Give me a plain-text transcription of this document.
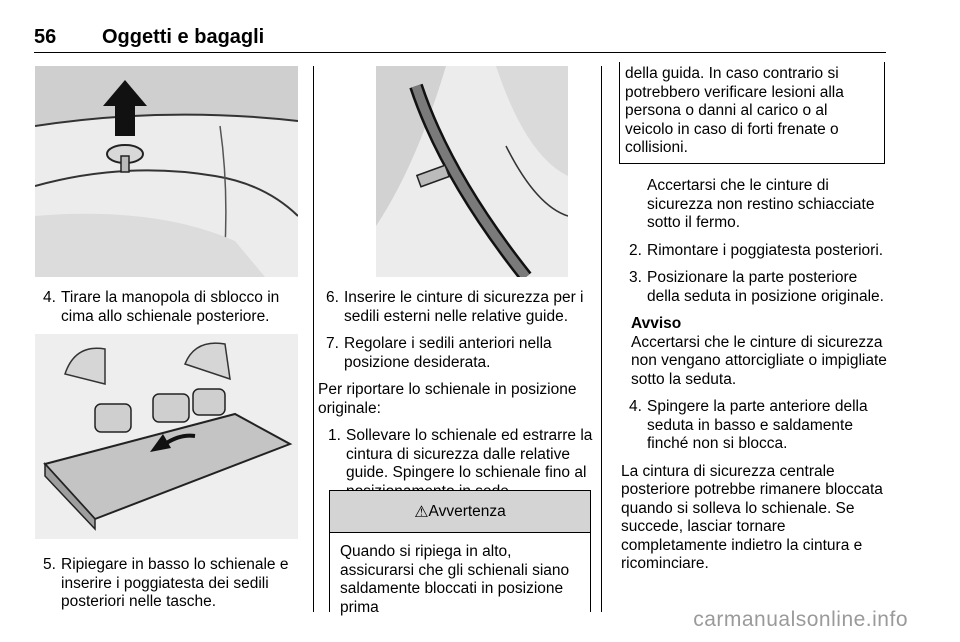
56 Oggetti e bagagli
4. Tirare la manopola di sblocco in cima allo schienale posteriore.
5. Ripiegare in basso lo schienale e inserire i poggiatesta dei sedili posteriori nelle tasche.
6. Inserire le cinture di sicurezza per i sedili esterni nelle relative guide.
7. Regolare i sedili anteriori nella posizione desiderata.

Per riportare lo schienale in posizione originale:

1. Sollevare lo schienale ed estrarre la cintura di sicurezza dalle relative guide. Spingere lo schienale fino al
⚠ Avvertenza
Quando si ripiega in alto, assicurarsi che gli schienali siano saldamente bloccati in posizione prima
della guida. In caso contrario si potrebbero verificare lesioni alla persona o danni al carico o al veicolo in caso di forti frenate o collisioni.

Accertarsi che le cinture di sicurezza non restino schiacciate sotto il fermo.

2. Rimontare i poggiatesta posteriori.
3. Posizionare la parte posteriore della seduta in posizione originale.
Avviso
Accertarsi che le cinture di sicurezza non vengano attorcigliate o impigliate sotto la seduta.
4. Spingere la parte anteriore della seduta in basso e saldamente finché non si blocca.

La cintura di sicurezza centrale posteriore potrebbe rimanere bloccata quando si solleva lo schienale. Se succede, lasciar tornare completamente indietro la cintura e ricominciare.

carmanualsonline.info
